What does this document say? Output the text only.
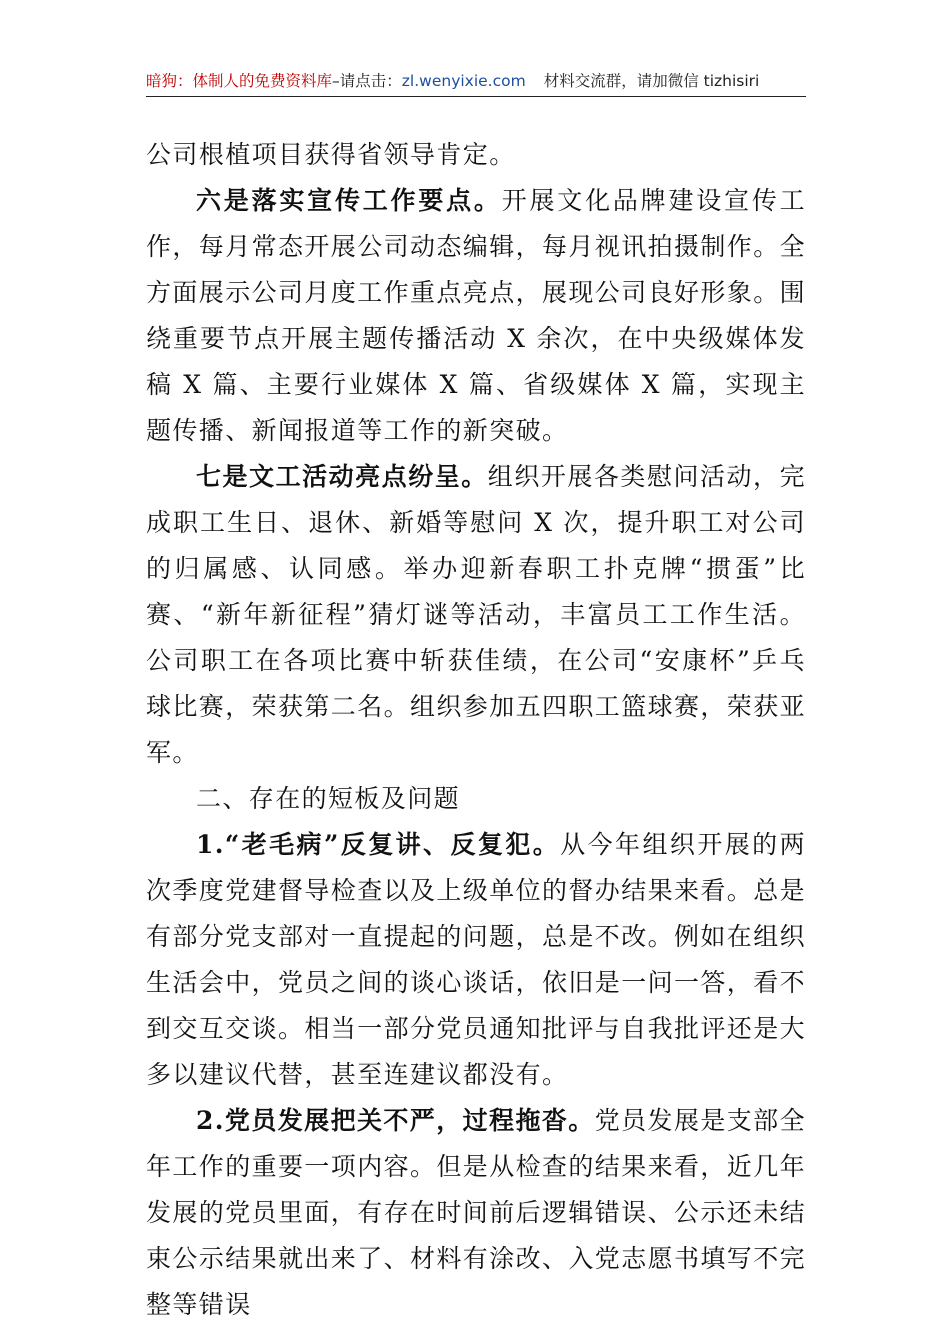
暗狗：体制人的免费资料库–请点击：zl.wenyixie.com 材料交流群，请加微信 tizhisiri

公司根植项目获得省领导肯定。

六是落实宣传工作要点。开展文化品牌建设宣传工作，每月常态开展公司动态编辑，每月视讯拍摄制作。全方面展示公司月度工作重点亮点，展现公司良好形象。围绕重要节点开展主题传播活动 X 余次，在中央级媒体发稿 X 篇、主要行业媒体 X 篇、省级媒体 X 篇，实现主题传播、新闻报道等工作的新突破。

七是文工活动亮点纷呈。组织开展各类慰问活动，完成职工生日、退休、新婚等慰问 X 次，提升职工对公司的归属感、认同感。举办迎新春职工扑克牌“掼蛋”比赛、“新年新征程”猜灯谜等活动，丰富员工工作生活。公司职工在各项比赛中斩获佳绩，在公司“安康杯”乒乓球比赛，荣获第二名。组织参加五四职工篮球赛，荣获亚军。

二、存在的短板及问题

1.“老毛病”反复讲、反复犯。从今年组织开展的两次季度党建督导检查以及上级单位的督办结果来看。总是有部分党支部对一直提起的问题，总是不改。例如在组织生活会中，党员之间的谈心谈话，依旧是一问一答，看不到交互交谈。相当一部分党员通知批评与自我批评还是大多以建议代替，甚至连建议都没有。

2.党员发展把关不严，过程拖沓。党员发展是支部全年工作的重要一项内容。但是从检查的结果来看，近几年发展的党员里面，有存在时间前后逻辑错误、公示还未结束公示结果就出来了、材料有涂改、入党志愿书填写不完整等错误
